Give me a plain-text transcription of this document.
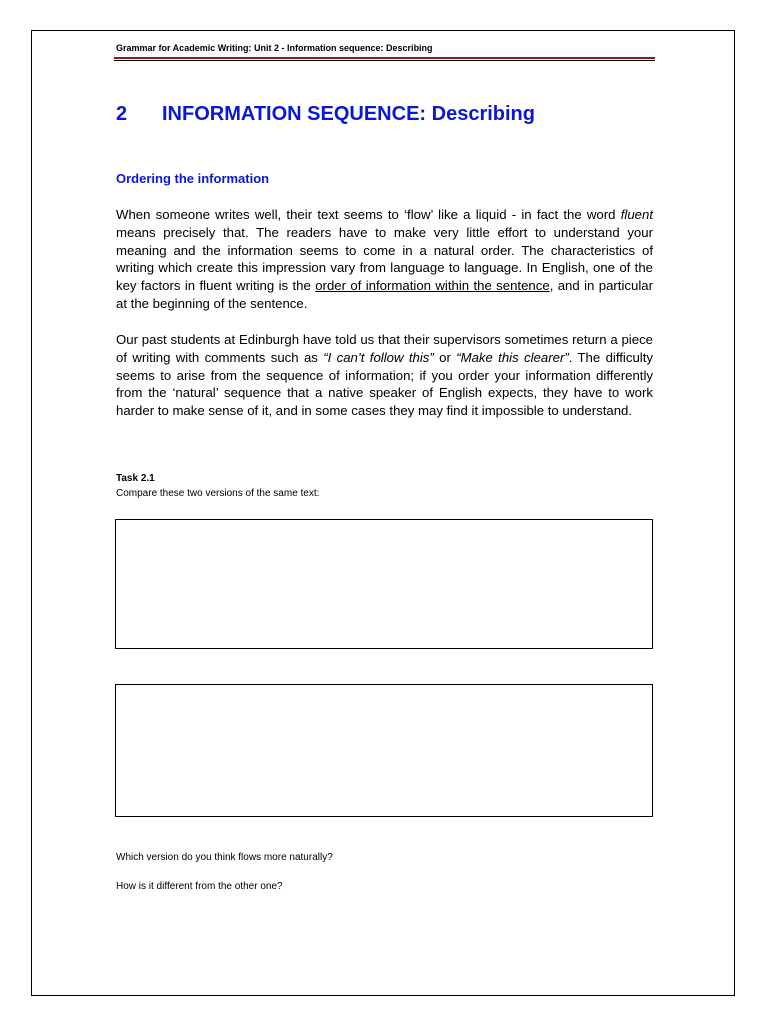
Grammar for Academic Writing: Unit 2 - Information sequence: Describing
2 INFORMATION SEQUENCE: Describing
Ordering the information

When someone writes well, their text seems to ‘flow’ like a liquid - in fact the word fluent means precisely that. The readers have to make very little effort to understand your meaning and the information seems to come in a natural order. The characteristics of writing which create this impression vary from language to language. In English, one of the key factors in fluent writing is the order of information within the sentence, and in particular at the beginning of the sentence.

Our past students at Edinburgh have told us that their supervisors sometimes return a piece of writing with comments such as “I can’t follow this” or “Make this clearer”. The difficulty seems to arise from the sequence of information; if you order your information differently from the ‘natural’ sequence that a native speaker of English expects, they have to work harder to make sense of it, and in some cases they may find it impossible to understand.

Task 2.1
Compare these two versions of the same text:
Which version do you think flows more naturally?
How is it different from the other one?
